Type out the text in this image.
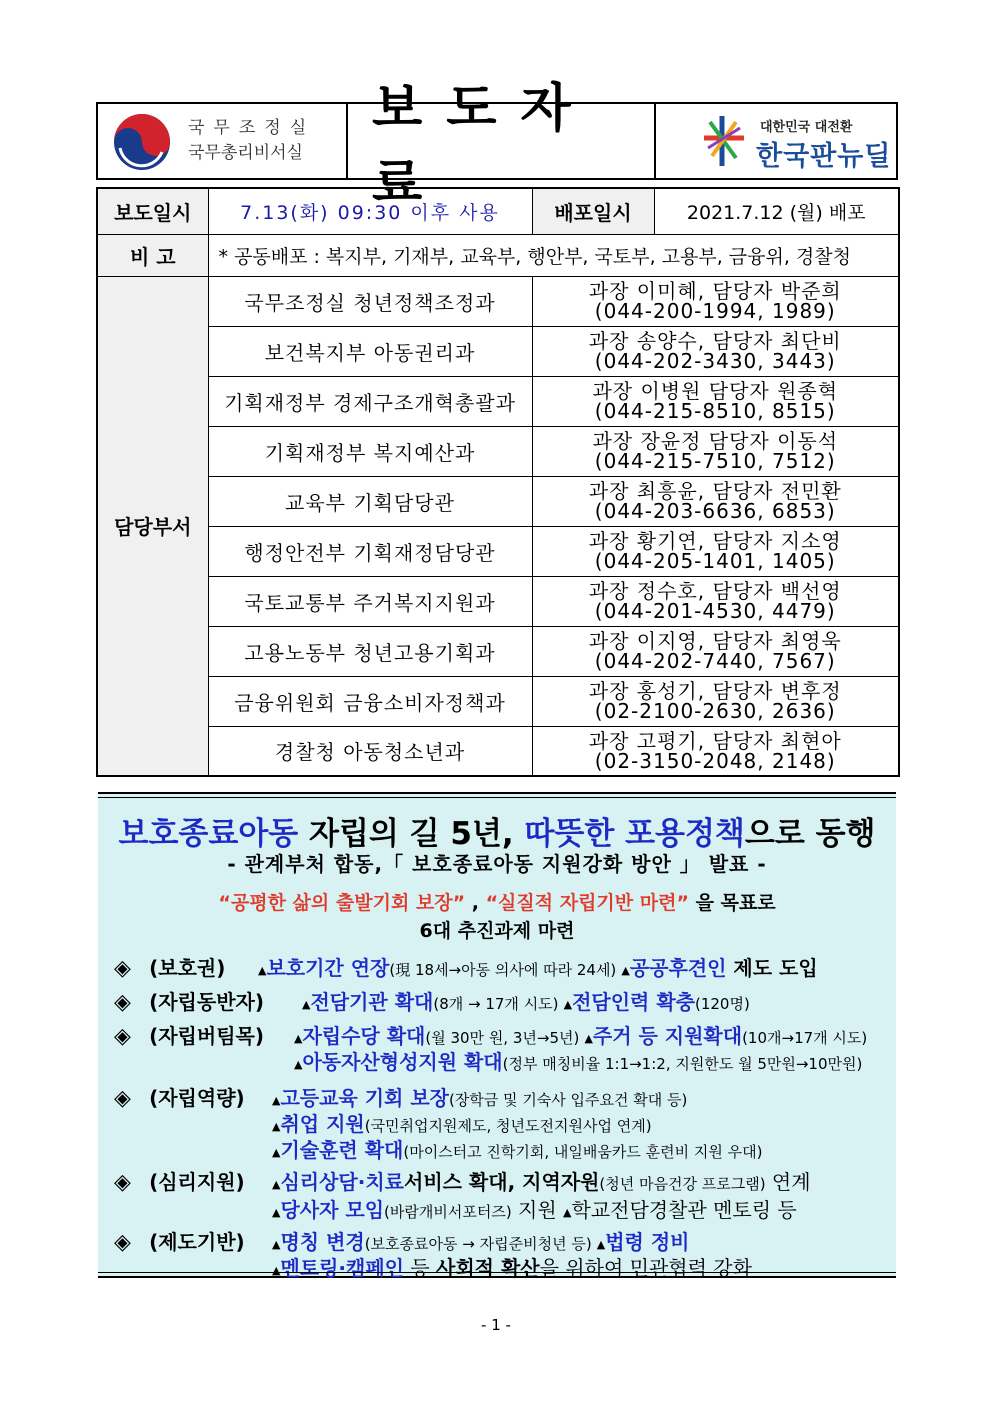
국무조정실
국무총리비서실
보도자료
대한민국 대전환
한국판뉴딜
보도일시	7.13(화) 09:30 이후 사용	배포일시	2021.7.12 (월) 배포
비 고	* 공동배포 : 복지부, 기재부, 교육부, 행안부, 국토부, 고용부, 금융위, 경찰청		
담당부서	국무조정실 청년정책조정과	과장 이미혜, 담당자 박준희
(044-200-1994, 1989)	
	보건복지부 아동권리과	과장 송양수, 담당자 최단비
(044-202-3430, 3443)	
	기획재정부 경제구조개혁총괄과	과장 이병원 담당자 원종혁
(044-215-8510, 8515)	
	기획재정부 복지예산과	과장 장윤정 담당자 이동석
(044-215-7510, 7512)	
	교육부 기획담당관	과장 최흥윤, 담당자 전민환
(044-203-6636, 6853)	
	행정안전부 기획재정담당관	과장 황기연, 담당자 지소영
(044-205-1401, 1405)	
	국토교통부 주거복지지원과	과장 정수호, 담당자 백선영
(044-201-4530, 4479)	
	고용노동부 청년고용기획과	과장 이지영, 담당자 최영욱
(044-202-7440, 7567)	
	금융위원회 금융소비자정책과	과장 홍성기, 담당자 변후정
(02-2100-2630, 2636)	
	경찰청 아동청소년과	과장 고평기, 담당자 최현아
(02-3150-2048, 2148)	
보호종료아동 자립의 길 5년, 따뜻한 포용정책으로 동행
- 관계부처 합동,「 보호종료아동 지원강화 방안 」 발표 -
“공평한 삶의 출발기회 보장” , “실질적 자립기반 마련” 을 목표로
6대 추진과제 마련
◈ (보호권)	▲보호기간 연장(現 18세→아동 의사에 따라 24세) ▲공공후견인 제도 도입
◈ (자립동반자)	▲전담기관 확대(8개 → 17개 시도) ▲전담인력 확충(120명)
◈ (자립버팀목)	▲자립수당 확대(월 30만 원, 3년→5년) ▲주거 등 지원확대(10개→17개 시도)
▲아동자산형성지원 확대(정부 매칭비율 1:1→1:2, 지원한도 월 5만원→10만원)
◈ (자립역량) ▲고등교육 기회 보장(장학금 및 기숙사 입주요건 확대 등)
▲취업 지원(국민취업지원제도, 청년도전지원사업 연계)
▲기술훈련 확대(마이스터고 진학기회, 내일배움카드 훈련비 지원 우대)
◈ (심리지원) ▲심리상담·치료서비스 확대, 지역자원(청년 마음건강 프로그램) 연계
▲당사자 모임(바람개비서포터즈) 지원 ▲학교전담경찰관 멘토링 등
◈ (제도기반) ▲명칭 변경(보호종료아동 → 자립준비청년 등) ▲법령 정비
▲멘토링·캠페인 등 사회적 확산을 위하여 민관협력 강화
- 1 -
